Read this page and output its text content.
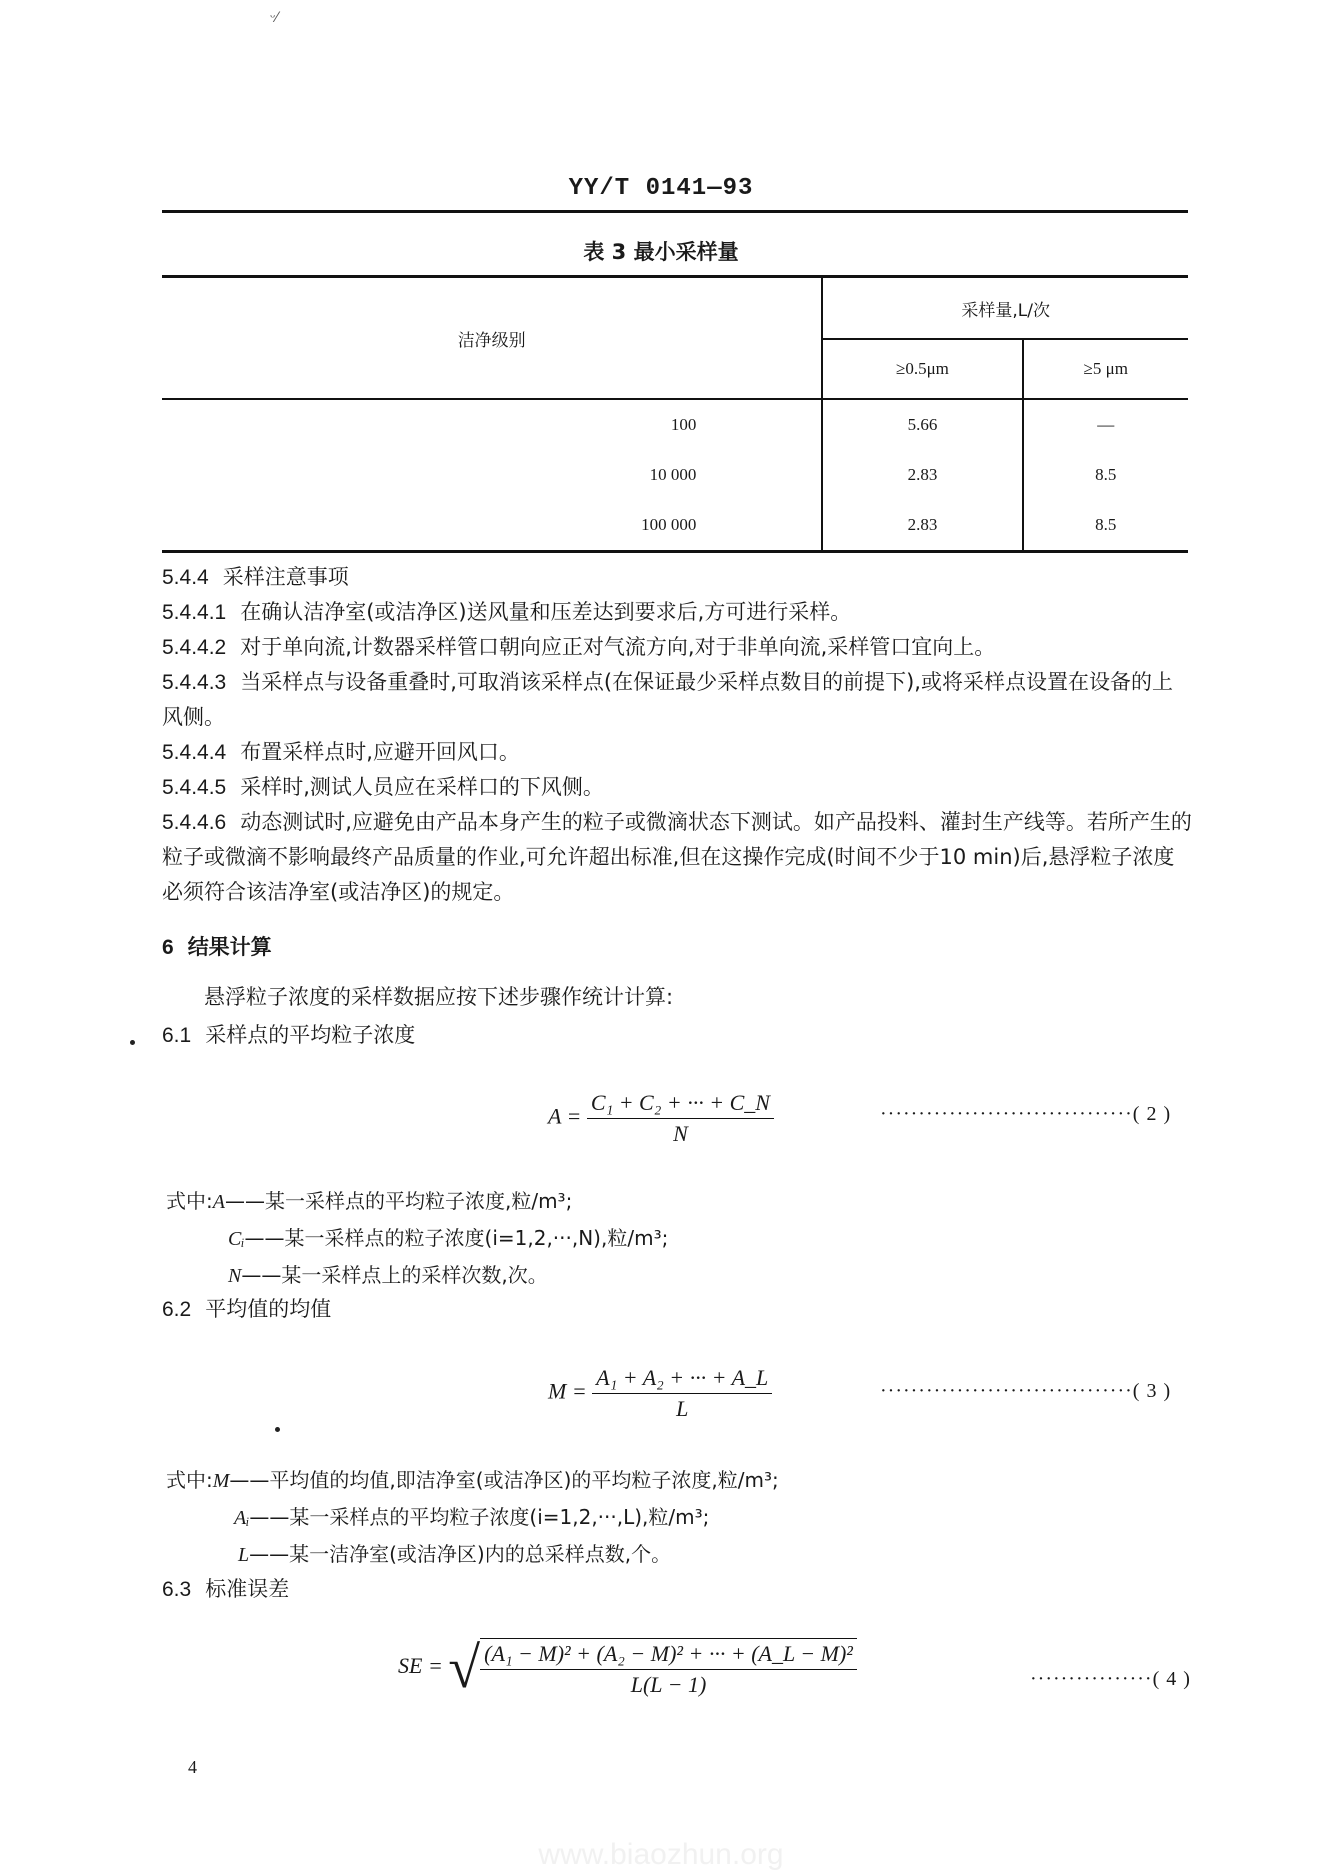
ᵕ⁄
YY/T 0141—93
表 3 最小采样量
洁净级别	采样量,L/次	
	≥0.5μm	≥5 μm
100	5.66	—
10 000	2.83	8.5
100 000	2.83	8.5
5.4.4 采样注意事项
5.4.4.1 在确认洁净室(或洁净区)送风量和压差达到要求后,方可进行采样。
5.4.4.2 对于单向流,计数器采样管口朝向应正对气流方向,对于非单向流,采样管口宜向上。
5.4.4.3 当采样点与设备重叠时,可取消该采样点(在保证最少采样点数目的前提下),或将采样点设置在设备的上风侧。
5.4.4.4 布置采样点时,应避开回风口。
5.4.4.5 采样时,测试人员应在采样口的下风侧。
5.4.4.6 动态测试时,应避免由产品本身产生的粒子或微滴状态下测试。如产品投料、灌封生产线等。若所产生的粒子或微滴不影响最终产品质量的作业,可允许超出标准,但在这操作完成(时间不少于10 min)后,悬浮粒子浓度必须符合该洁净室(或洁净区)的规定。
6 结果计算
悬浮粒子浓度的采样数据应按下述步骤作统计计算:
6.1 采样点的平均粒子浓度
$A = \frac{\text{C₁ + C₂ + ··· + C\_N}}{N}$	·································( 2 )
式中:A——某一采样点的平均粒子浓度,粒/m³;
Cᵢ——某一采样点的粒子浓度(i=1,2,···,N),粒/m³;
N——某一采样点上的采样次数,次。
6.2 平均值的均值
$M = \frac{\text{A₁ + A₂ + ··· + A\_L}}{L}$	·································( 3 )
式中:M——平均值的均值,即洁净室(或洁净区)的平均粒子浓度,粒/m³;
Aᵢ——某一采样点的平均粒子浓度(i=1,2,···,L),粒/m³;
L——某一洁净室(或洁净区)内的总采样点数,个。
6.3 标准误差
SE = √ $\frac{\text{(A₁ − M)² + (A₂ − M)² + ··· + (A\_L − M)²}}{L(L - 1)}$	················( 4 )
4
www.biaozhun.org
